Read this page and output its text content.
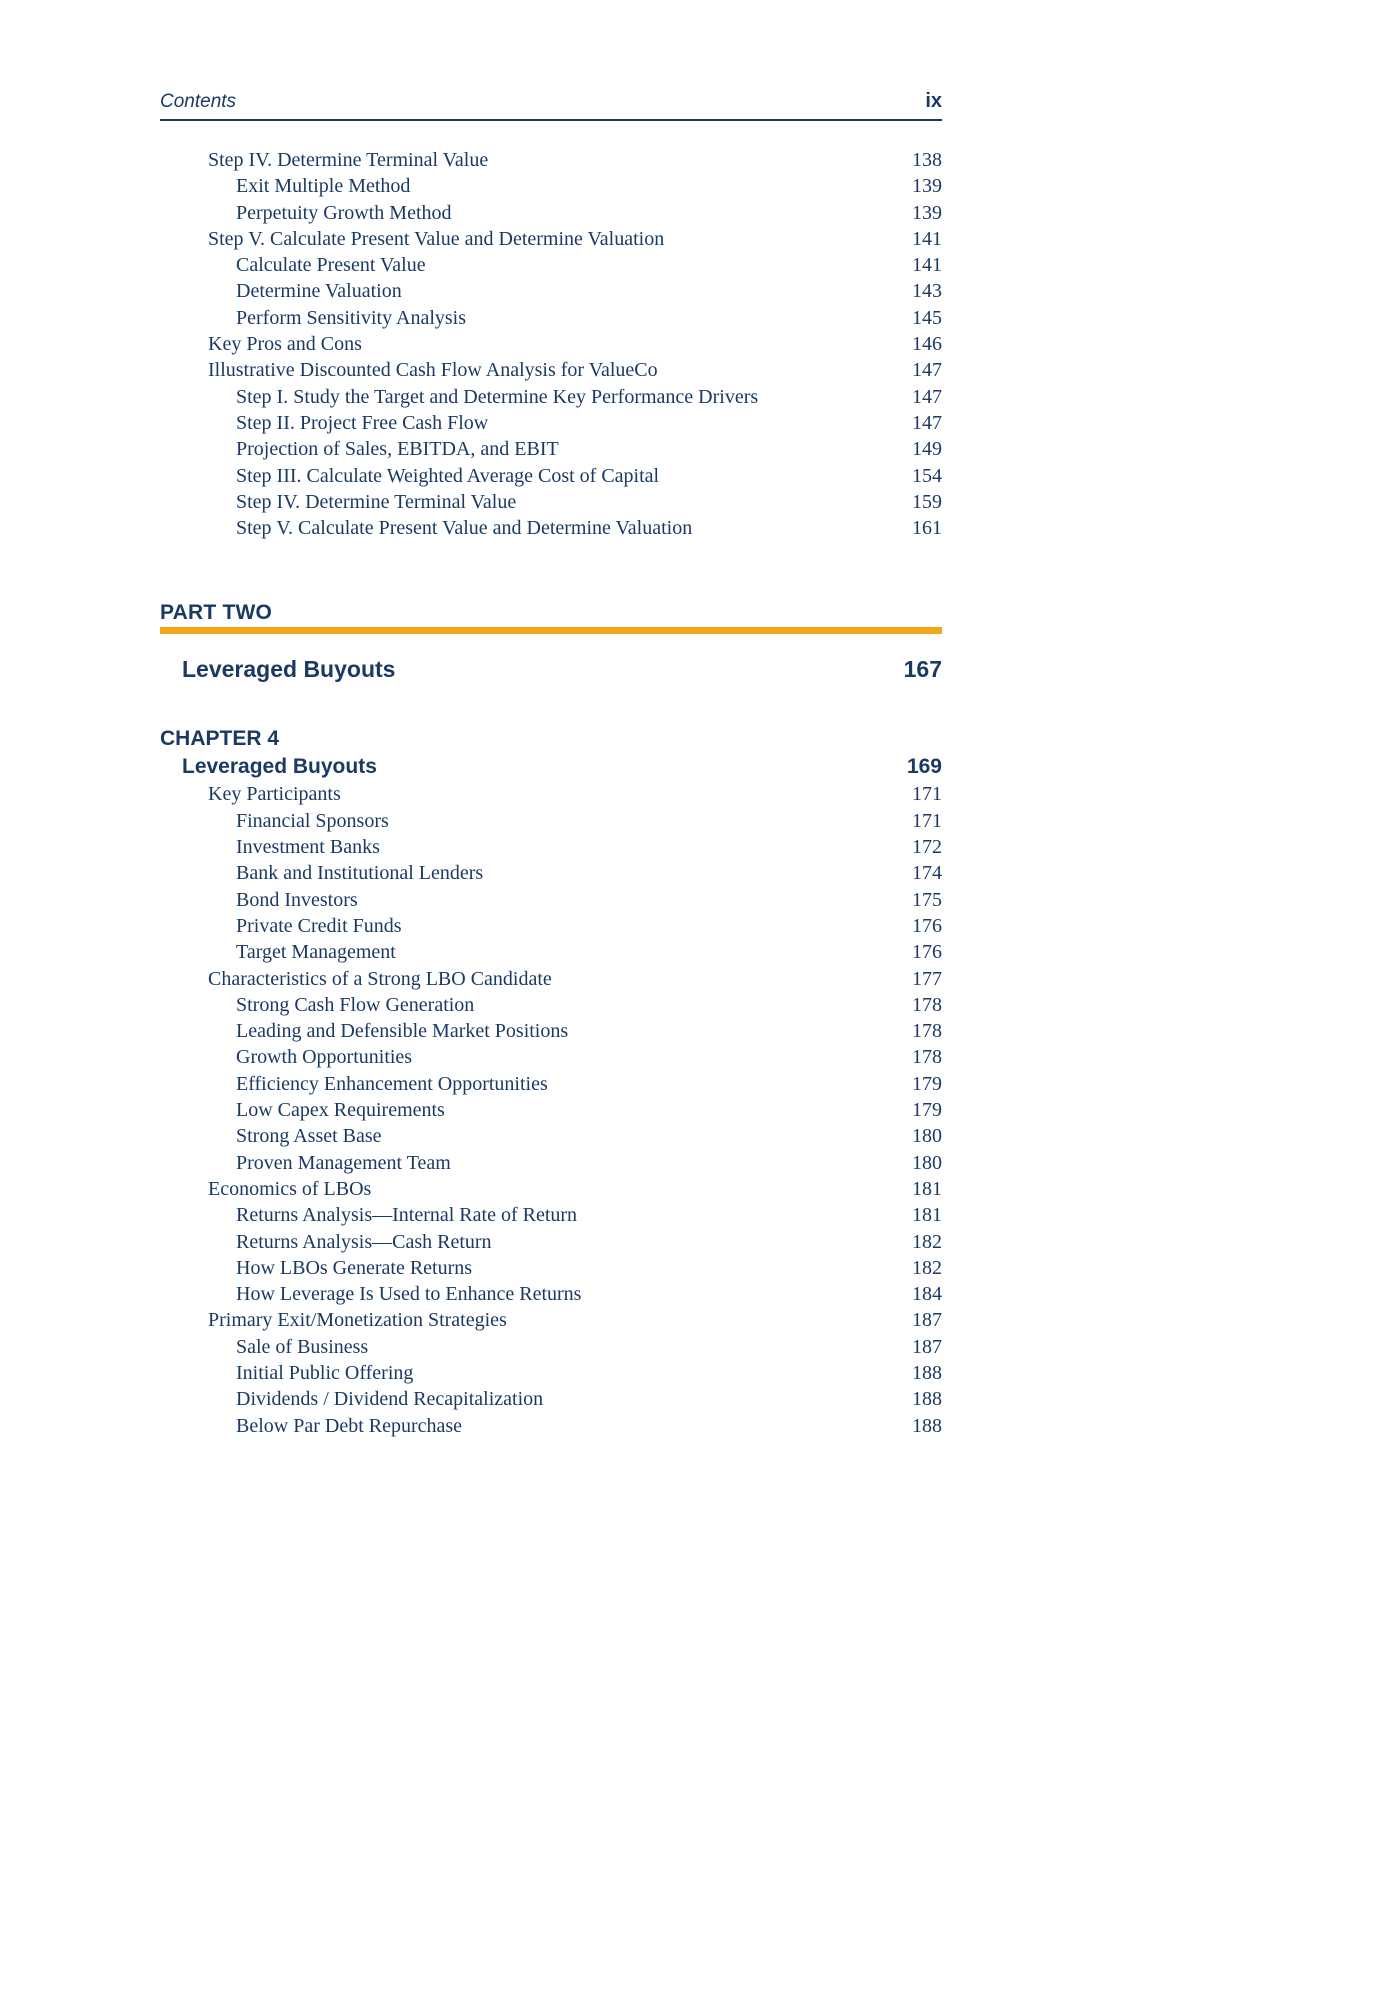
Contents	ix
Step IV. Determine Terminal Value	138
Exit Multiple Method	139
Perpetuity Growth Method	139
Step V. Calculate Present Value and Determine Valuation	141
Calculate Present Value	141
Determine Valuation	143
Perform Sensitivity Analysis	145
Key Pros and Cons	146
Illustrative Discounted Cash Flow Analysis for ValueCo	147
Step I. Study the Target and Determine Key Performance Drivers	147
Step II. Project Free Cash Flow	147
Projection of Sales, EBITDA, and EBIT	149
Step III. Calculate Weighted Average Cost of Capital	154
Step IV. Determine Terminal Value	159
Step V. Calculate Present Value and Determine Valuation	161
PART TWO
Leveraged Buyouts	167
CHAPTER 4
Leveraged Buyouts	169
Key Participants	171
Financial Sponsors	171
Investment Banks	172
Bank and Institutional Lenders	174
Bond Investors	175
Private Credit Funds	176
Target Management	176
Characteristics of a Strong LBO Candidate	177
Strong Cash Flow Generation	178
Leading and Defensible Market Positions	178
Growth Opportunities	178
Efficiency Enhancement Opportunities	179
Low Capex Requirements	179
Strong Asset Base	180
Proven Management Team	180
Economics of LBOs	181
Returns Analysis—Internal Rate of Return	181
Returns Analysis—Cash Return	182
How LBOs Generate Returns	182
How Leverage Is Used to Enhance Returns	184
Primary Exit/Monetization Strategies	187
Sale of Business	187
Initial Public Offering	188
Dividends / Dividend Recapitalization	188
Below Par Debt Repurchase	188
